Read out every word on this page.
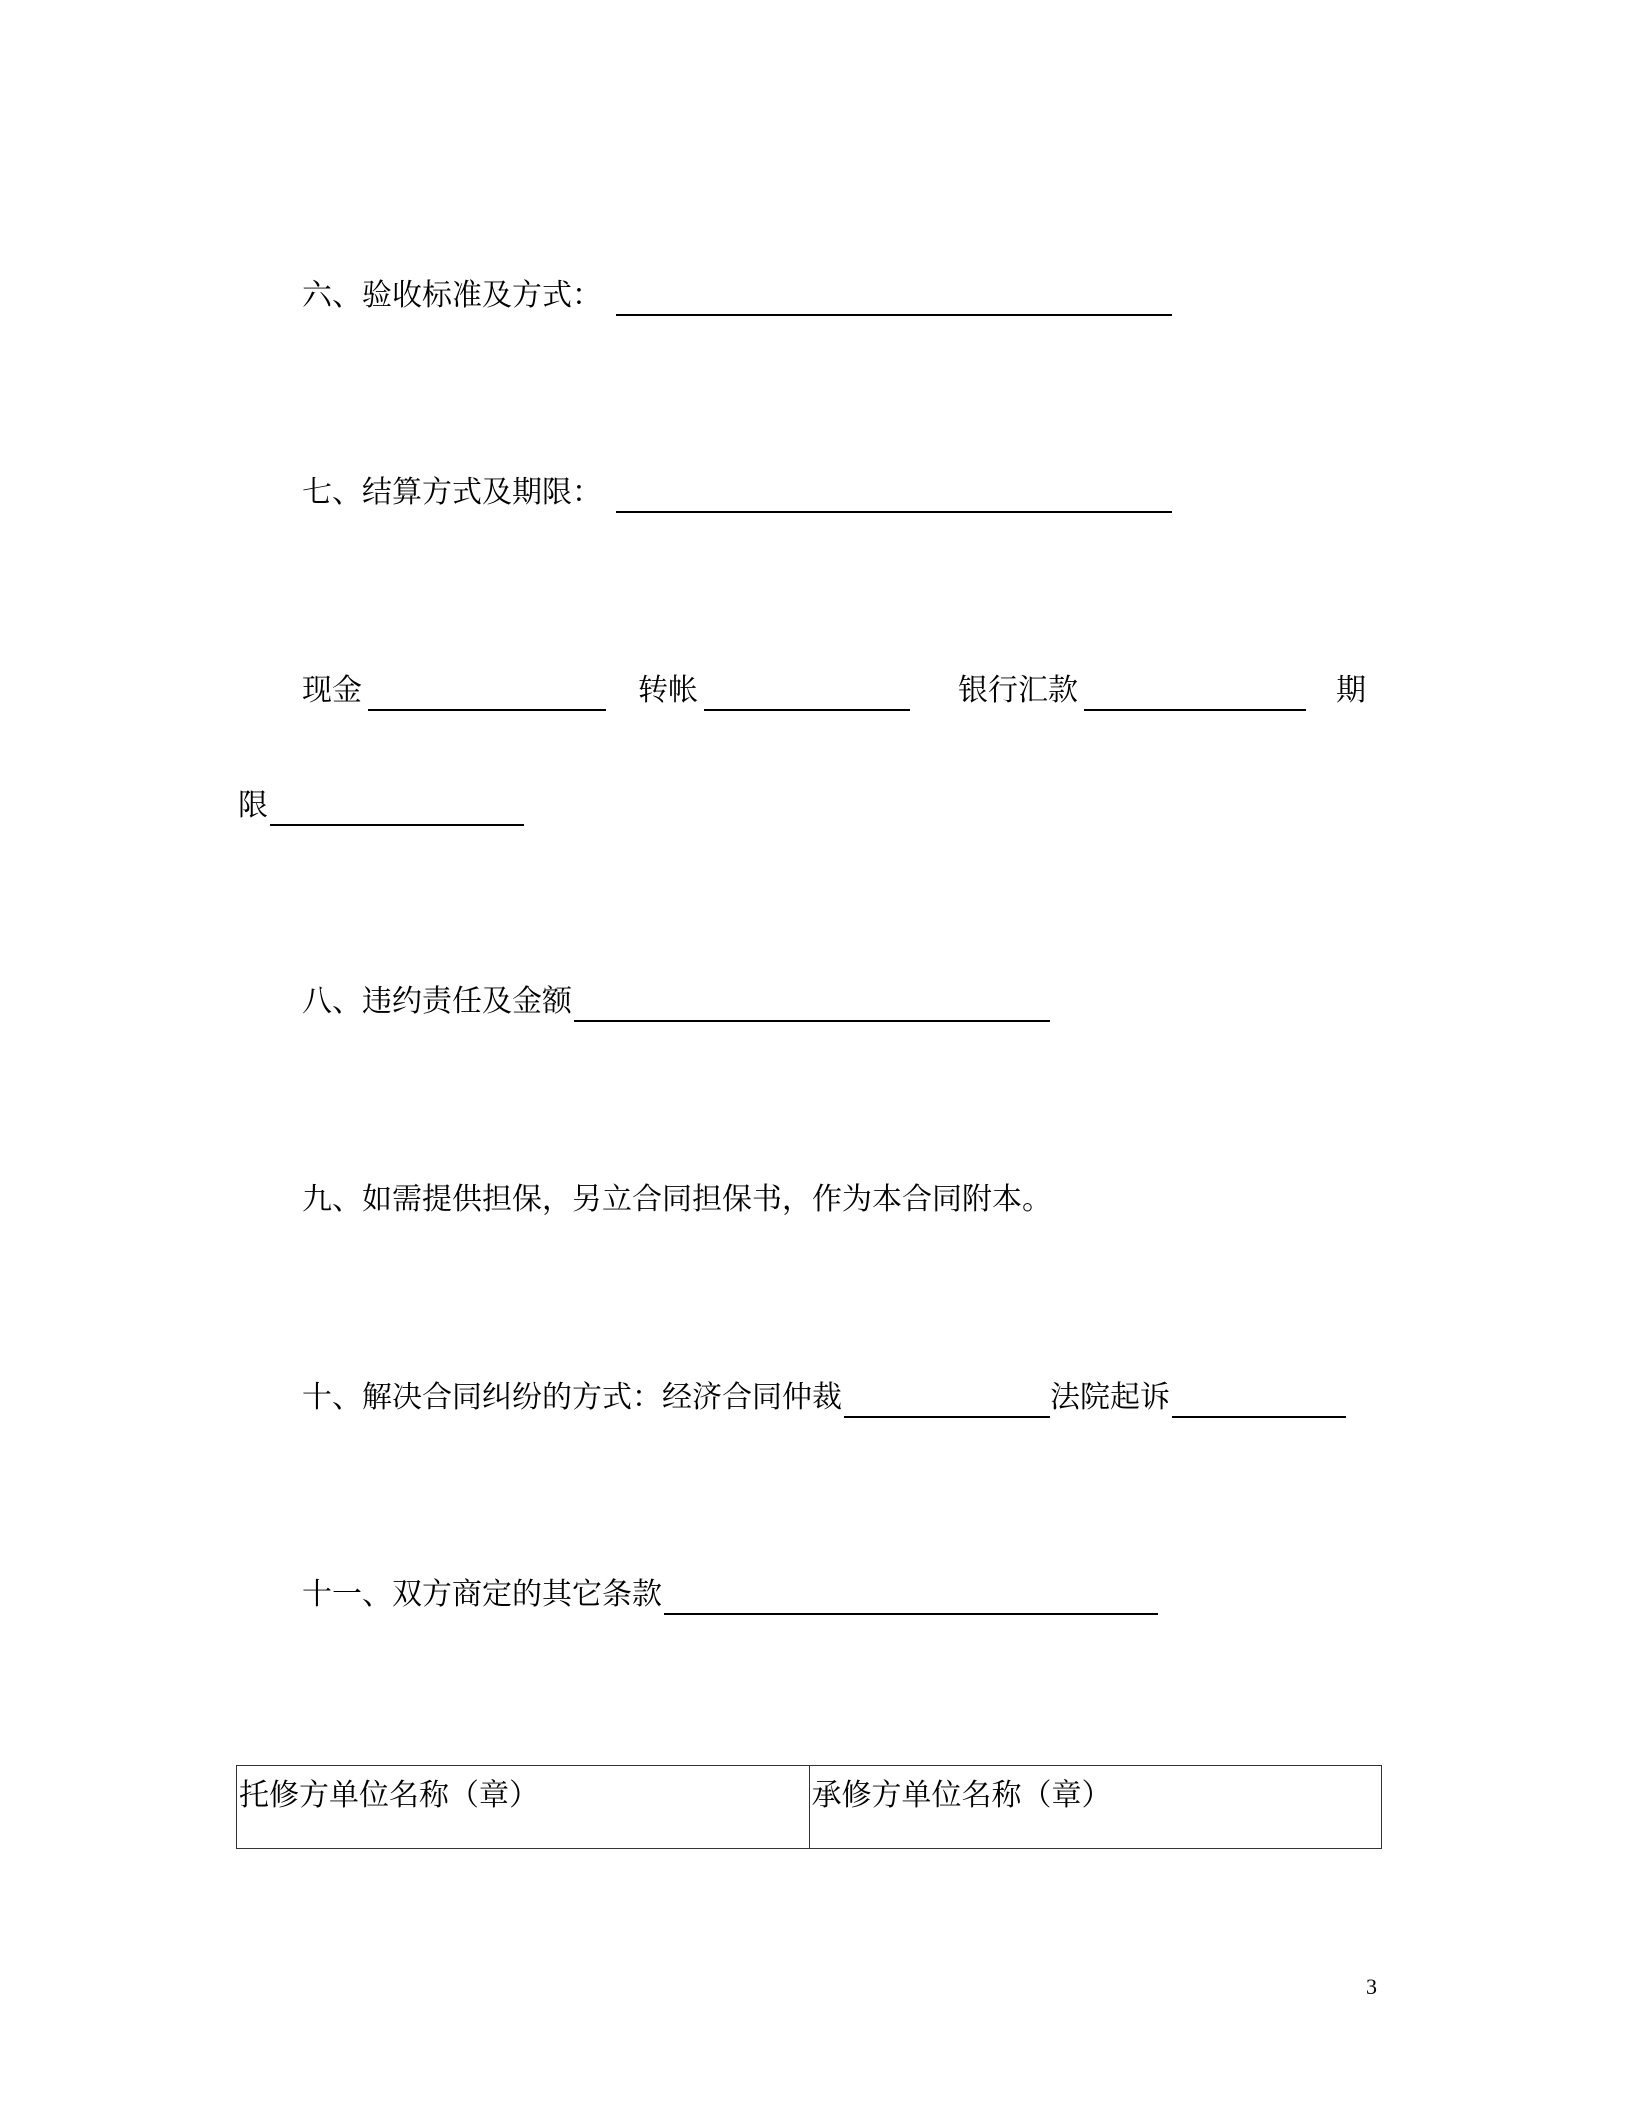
六、验收标准及方式：
七、结算方式及期限：
现金	转帐	银行汇款	期
限
八、违约责任及金额
九、如需提供担保，另立合同担保书，作为本合同附本。
十、解决合同纠纷的方式：经济合同仲裁	法院起诉
十一、双方商定的其它条款
托修方单位名称（章）	承修方单位名称（章）
3
